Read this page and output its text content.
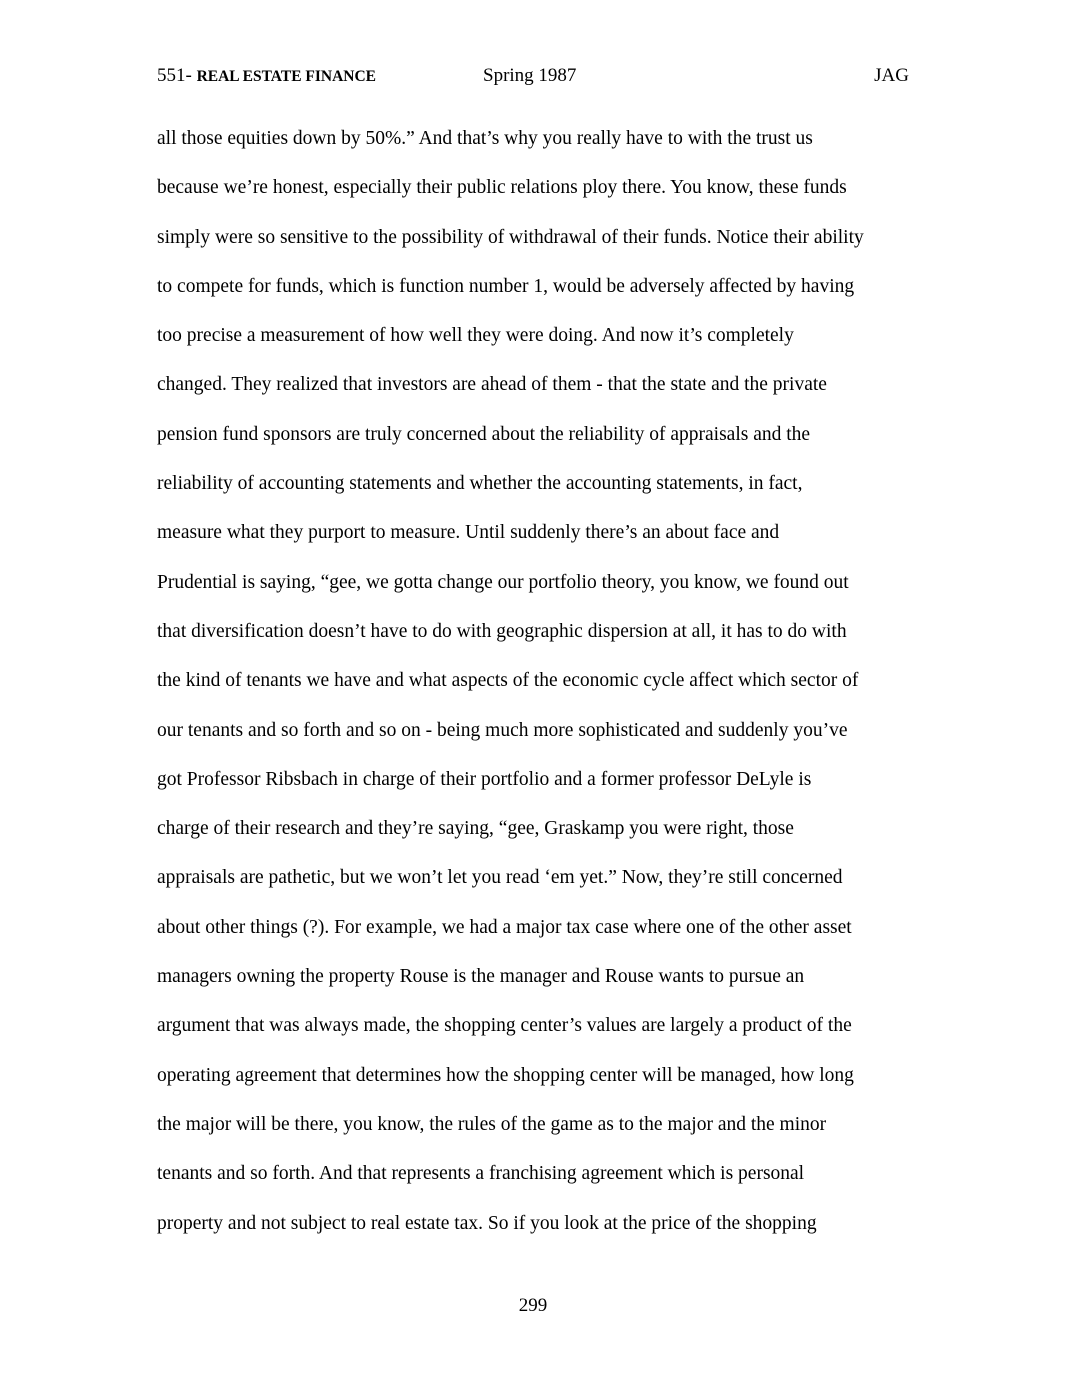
551- REAL ESTATE FINANCE	Spring 1987	JAG
all those equities down by 50%.” And that’s why you really have to with the trust us
because we’re honest, especially their public relations ploy there. You know, these funds
simply were so sensitive to the possibility of withdrawal of their funds. Notice their ability
to compete for funds, which is function number 1, would be adversely affected by having
too precise a measurement of how well they were doing. And now it’s completely
changed. They realized that investors are ahead of them - that the state and the private
pension fund sponsors are truly concerned about the reliability of appraisals and the
reliability of accounting statements and whether the accounting statements, in fact,
measure what they purport to measure. Until suddenly there’s an about face and
Prudential is saying, “gee, we gotta change our portfolio theory, you know, we found out
that diversification doesn’t have to do with geographic dispersion at all, it has to do with
the kind of tenants we have and what aspects of the economic cycle affect which sector of
our tenants and so forth and so on - being much more sophisticated and suddenly you’ve
got Professor Ribsbach in charge of their portfolio and a former professor DeLyle is
charge of their research and they’re saying, “gee, Graskamp you were right, those
appraisals are pathetic, but we won’t let you read ‘em yet.” Now, they’re still concerned
about other things (?). For example, we had a major tax case where one of the other asset
managers owning the property Rouse is the manager and Rouse wants to pursue an
argument that was always made, the shopping center’s values are largely a product of the
operating agreement that determines how the shopping center will be managed, how long
the major will be there, you know, the rules of the game as to the major and the minor
tenants and so forth. And that represents a franchising agreement which is personal
property and not subject to real estate tax. So if you look at the price of the shopping
299
